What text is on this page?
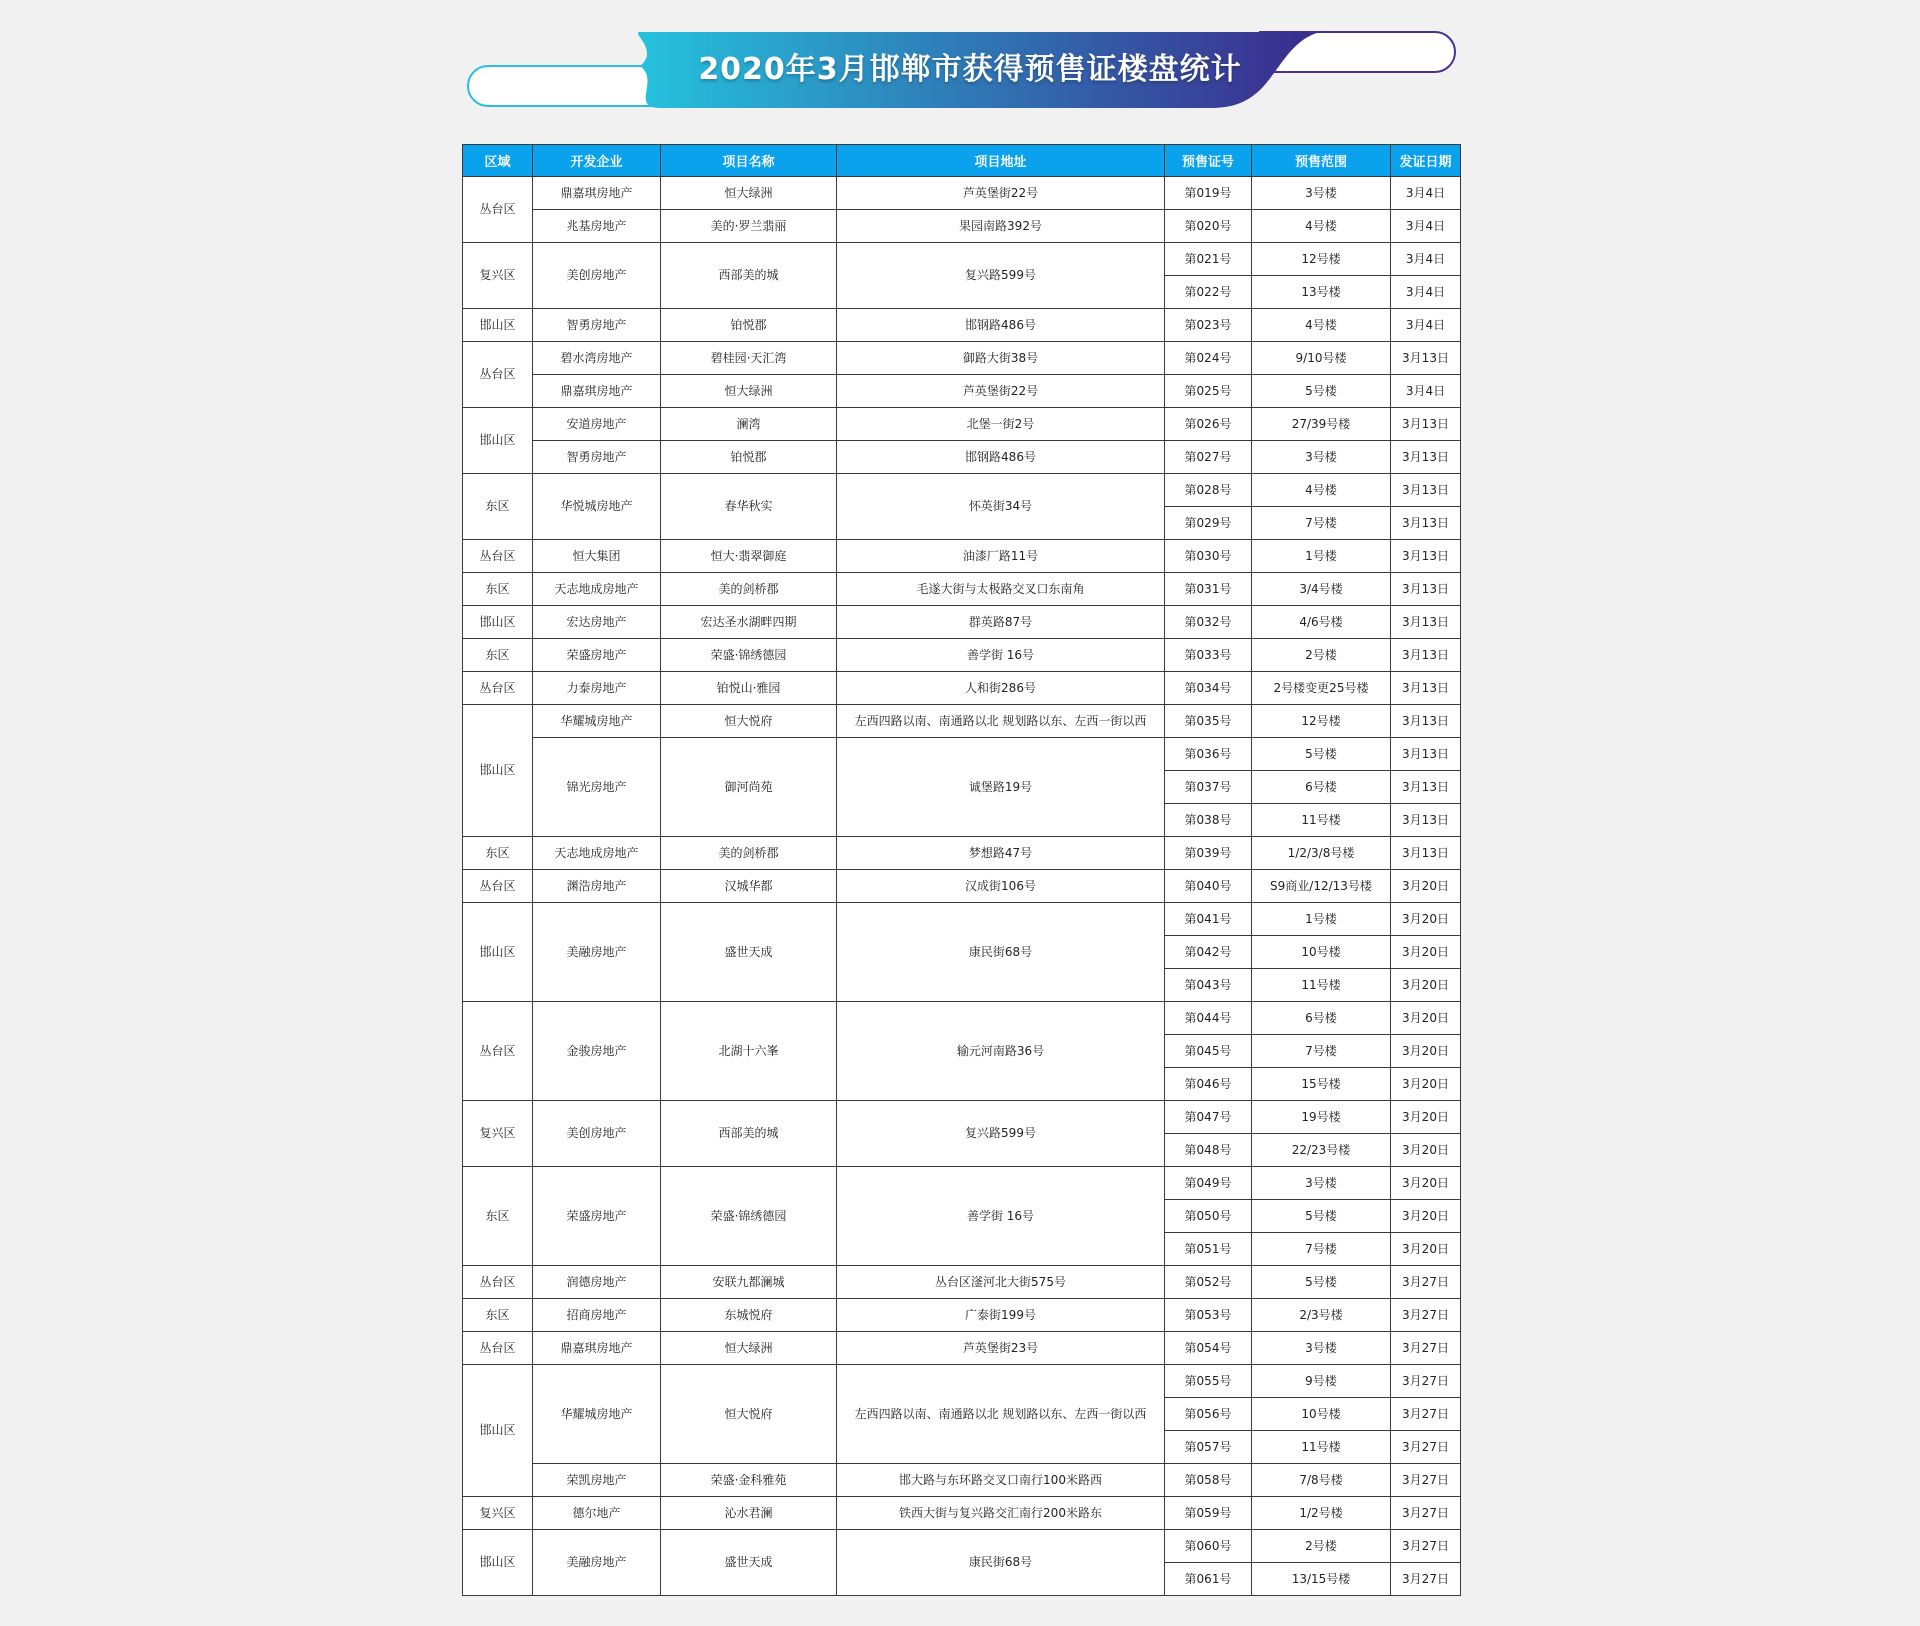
2020年3月邯郸市获得预售证楼盘统计
区域	开发企业	项目名称	项目地址	预售证号	预售范围	发证日期
丛台区	鼎嘉琪房地产	恒大绿洲	芦英堡街22号	第019号	3号楼	3月4日
	兆基房地产	美的·罗兰翡丽	果园南路392号	第020号	4号楼	3月4日
复兴区	美创房地产	西部美的城	复兴路599号	第021号	12号楼	3月4日
				第022号	13号楼	3月4日
邯山区	智勇房地产	铂悦郡	邯钢路486号	第023号	4号楼	3月4日
丛台区	碧水湾房地产	碧桂园·天汇湾	御路大街38号	第024号	9/10号楼	3月13日
	鼎嘉琪房地产	恒大绿洲	芦英堡街22号	第025号	5号楼	3月4日
邯山区	安道房地产	澜湾	北堡一街2号	第026号	27/39号楼	3月13日
	智勇房地产	铂悦郡	邯钢路486号	第027号	3号楼	3月13日
东区	华悦城房地产	春华秋实	怀英街34号	第028号	4号楼	3月13日
				第029号	7号楼	3月13日
丛台区	恒大集团	恒大·翡翠御庭	油漆厂路11号	第030号	1号楼	3月13日
东区	天志地成房地产	美的剑桥郡	毛遂大街与太极路交叉口东南角	第031号	3/4号楼	3月13日
邯山区	宏达房地产	宏达圣水湖畔四期	群英路87号	第032号	4/6号楼	3月13日
东区	荣盛房地产	荣盛·锦绣德园	善学街 16号	第033号	2号楼	3月13日
丛台区	力泰房地产	铂悦山·雅园	人和街286号	第034号	2号楼变更25号楼	3月13日
邯山区	华耀城房地产	恒大悦府	左西四路以南、南通路以北 规划路以东、左西一街以西	第035号	12号楼	3月13日
	锦光房地产	御河尚苑	诚堡路19号	第036号	5号楼	3月13日
				第037号	6号楼	3月13日
				第038号	11号楼	3月13日
东区	天志地成房地产	美的剑桥郡	梦想路47号	第039号	1/2/3/8号楼	3月13日
丛台区	渊浩房地产	汉城华都	汉成街106号	第040号	S9商业/12/13号楼	3月20日
邯山区	美融房地产	盛世天成	康民街68号	第041号	1号楼	3月20日
				第042号	10号楼	3月20日
				第043号	11号楼	3月20日
丛台区	金骏房地产	北湖十六峯	输元河南路36号	第044号	6号楼	3月20日
				第045号	7号楼	3月20日
				第046号	15号楼	3月20日
复兴区	美创房地产	西部美的城	复兴路599号	第047号	19号楼	3月20日
				第048号	22/23号楼	3月20日
东区	荣盛房地产	荣盛·锦绣德园	善学街 16号	第049号	3号楼	3月20日
				第050号	5号楼	3月20日
				第051号	7号楼	3月20日
丛台区	润德房地产	安联九都澜城	丛台区滏河北大街575号	第052号	5号楼	3月27日
东区	招商房地产	东城悦府	广泰街199号	第053号	2/3号楼	3月27日
丛台区	鼎嘉琪房地产	恒大绿洲	芦英堡街23号	第054号	3号楼	3月27日
邯山区	华耀城房地产	恒大悦府	左西四路以南、南通路以北 规划路以东、左西一街以西	第055号	9号楼	3月27日
				第056号	10号楼	3月27日
				第057号	11号楼	3月27日
	荣凯房地产	荣盛·金科雅苑	邯大路与东环路交叉口南行100米路西	第058号	7/8号楼	3月27日
复兴区	德尔地产	沁水君澜	铁西大街与复兴路交汇南行200米路东	第059号	1/2号楼	3月27日
邯山区	美融房地产	盛世天成	康民街68号	第060号	2号楼	3月27日
				第061号	13/15号楼	3月27日
